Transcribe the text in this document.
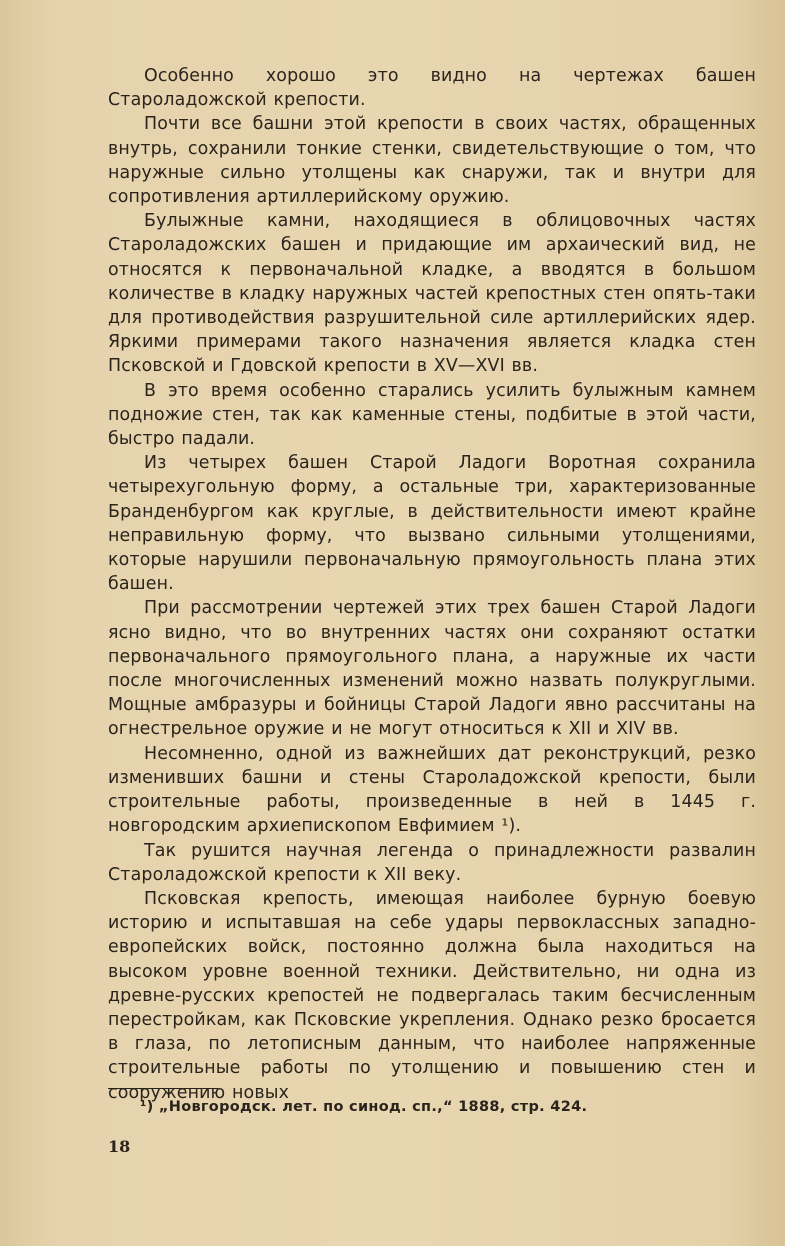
Особенно хорошо это видно на чертежах башен Староладожской крепости.

Почти все башни этой крепости в своих частях, обращенных внутрь, сохранили тонкие стенки, свидетельствующие о том, что наружные сильно утолщены как снаружи, так и внутри для сопротивления артиллерийскому оружию.

Булыжные камни, находящиеся в облицовочных частях Староладожских башен и придающие им архаический вид, не относятся к первоначальной кладке, а вводятся в большом количестве в кладку наружных частей крепостных стен опять-таки для противодействия разрушительной силе артиллерийских ядер. Яркими примерами такого назначения является кладка стен Псковской и Гдовской крепости в XV—XVI вв.

В это время особенно старались усилить булыжным камнем подножие стен, так как каменные стены, подбитые в этой части, быстро падали.

Из четырех башен Старой Ладоги Воротная сохранила четырехугольную форму, а остальные три, характеризованные Бранденбургом как круглые, в действительности имеют крайне неправильную форму, что вызвано сильными утолщениями, которые нарушили первоначальную прямоугольность плана этих башен.

При рассмотрении чертежей этих трех башен Старой Ладоги ясно видно, что во внутренних частях они сохраняют остатки первоначального прямоугольного плана, а наружные их части после многочисленных изменений можно назвать полукруглыми. Мощные амбразуры и бойницы Старой Ладоги явно рассчитаны на огнестрельное оружие и не могут относиться к XII и XIV вв.

Несомненно, одной из важнейших дат реконструкций, резко изменивших башни и стены Староладожской крепости, были строительные работы, произведенные в ней в 1445 г. новгородским архиепископом Евфимием ¹).

Так рушится научная легенда о принадлежности развалин Староладожской крепости к XII веку.

Псковская крепость, имеющая наиболее бурную боевую историю и испытавшая на себе удары первоклассных западно-европейских войск, постоянно должна была находиться на высоком уровне военной техники. Действительно, ни одна из древне-русских крепостей не подвергалась таким бесчисленным перестройкам, как Псковские укрепления. Однако резко бросается в глаза, по летописным данным, что наиболее напряженные строительные работы по утолщению и повышению стен и сооружению новых

¹) „Новгородск. лет. по синод. сп.,“ 1888, стр. 424.
18
